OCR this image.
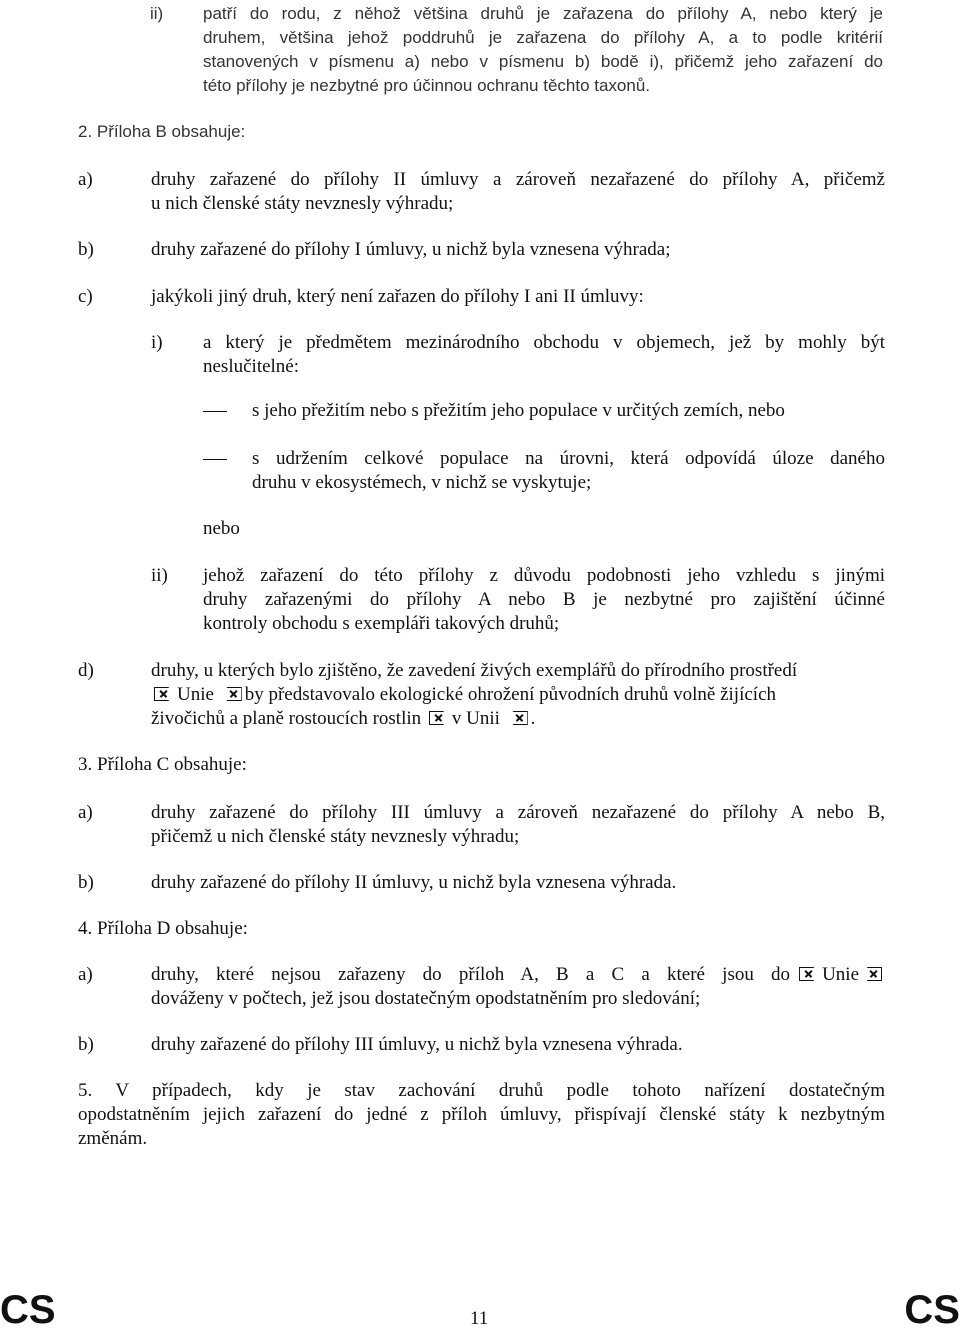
ii) patří do rodu, z něhož většina druhů je zařazena do přílohy A, nebo který je
druhem, většina jehož poddruhů je zařazena do přílohy A, a to podle kritérií
stanovených v písmenu a) nebo v písmenu b) bodě i), přičemž jeho zařazení do
této přílohy je nezbytné pro účinnou ochranu těchto taxonů.
2. Příloha B obsahuje:
a)	druhy zařazené do přílohy II úmluvy a zároveň nezařazené do přílohy A, přičemž
u nich členské státy nevznesly výhradu;
b)	druhy zařazené do přílohy I úmluvy, u nichž byla vznesena výhrada;
c)	jakýkoli jiný druh, který není zařazen do přílohy I ani II úmluvy:
i) a který je předmětem mezinárodního obchodu v objemech, jež by mohly být
neslučitelné:
s jeho přežitím nebo s přežitím jeho populace v určitých zemích, nebo
s udržením celkové populace na úrovni, která odpovídá úloze daného
druhu v ekosystémech, v nichž se vyskytuje;
nebo
ii) jehož zařazení do této přílohy z důvodu podobnosti jeho vzhledu s jinými
druhy zařazenými do přílohy A nebo B je nezbytné pro zajištění účinné
kontroly obchodu s exempláři takových druhů;
d)	druhy, u kterých bylo zjištěno, že zavedení živých exemplářů do přírodního prostředí
Unie by představovalo ekologické ohrožení původních druhů volně žijících
živočichů a planě rostoucích rostlin v Unii .
3. Příloha C obsahuje:
a)	druhy zařazené do přílohy III úmluvy a zároveň nezařazené do přílohy A nebo B,
přičemž u nich členské státy nevznesly výhradu;
b)	druhy zařazené do přílohy II úmluvy, u nichž byla vznesena výhrada.
4. Příloha D obsahuje:
a)	druhy, které nejsou zařazeny do příloh A, B a C a které jsou do	Unie
dováženy v počtech, jež jsou dostatečným opodstatněním pro sledování;
b)	druhy zařazené do přílohy III úmluvy, u nichž byla vznesena výhrada.
5. V případech, kdy je stav zachování druhů podle tohoto nařízení dostatečným
opodstatněním jejich zařazení do jedné z příloh úmluvy, přispívají členské státy k nezbytným
změnám.
CS	11	CS
